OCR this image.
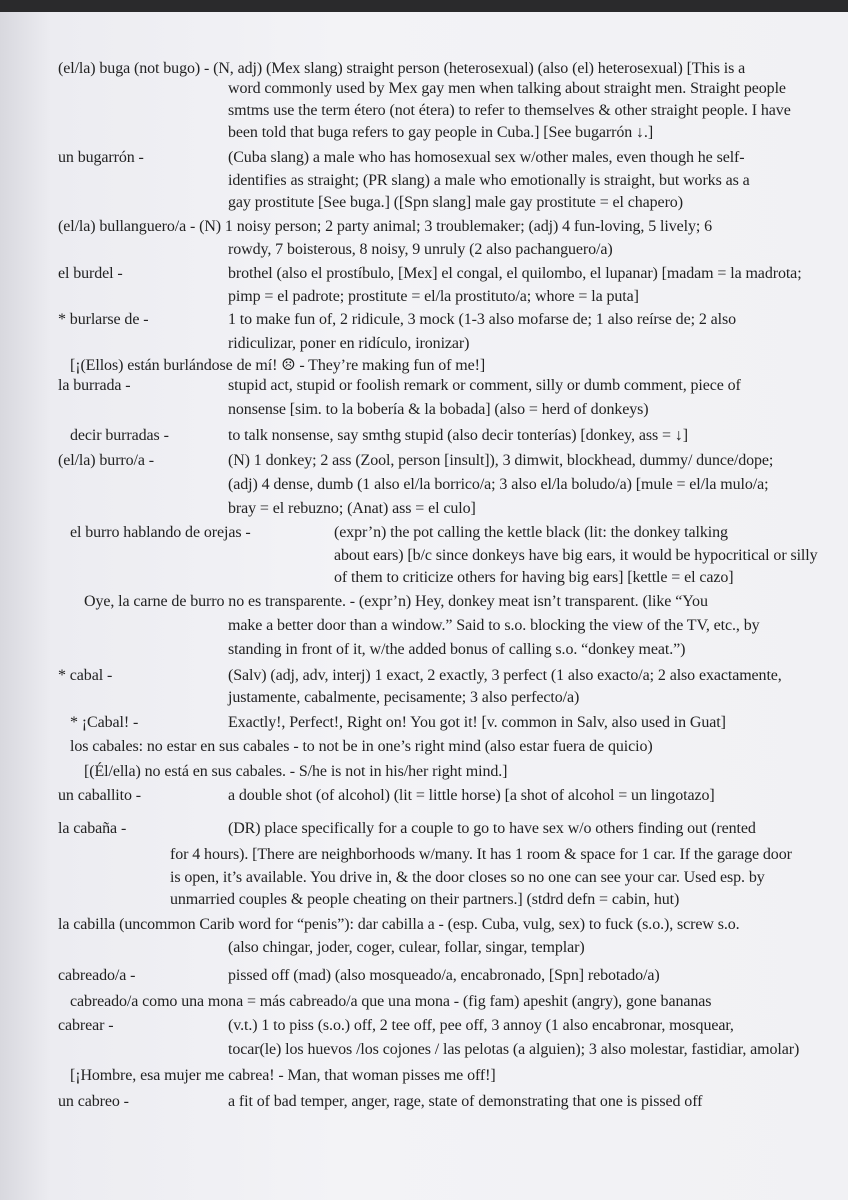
(el/la) buga (not bugo) - (N, adj) (Mex slang) straight person (heterosexual) (also (el) heterosexual) [This is a
word commonly used by Mex gay men when talking about straight men. Straight people
smtms use the term étero (not étera) to refer to themselves & other straight people. I have
been told that buga refers to gay people in Cuba.] [See bugarrón ↓.]
un bugarrón -	(Cuba slang) a male who has homosexual sex w/other males, even though he self-
identifies as straight; (PR slang) a male who emotionally is straight, but works as a
gay prostitute [See buga.] ([Spn slang] male gay prostitute = el chapero)
(el/la) bullanguero/a - (N) 1 noisy person; 2 party animal; 3 troublemaker; (adj) 4 fun-loving, 5 lively; 6
rowdy, 7 boisterous, 8 noisy, 9 unruly (2 also pachanguero/a)
el burdel -	brothel (also el prostíbulo, [Mex] el congal, el quilombo, el lupanar) [madam = la madrota;
pimp = el padrote; prostitute = el/la prostituto/a; whore = la puta]
* burlarse de -	1 to make fun of, 2 ridicule, 3 mock (1-3 also mofarse de; 1 also reírse de; 2 also
ridiculizar, poner en ridículo, ironizar)
[¡(Ellos) están burlándose de mí! ☹ - They’re making fun of me!]
la burrada -	stupid act, stupid or foolish remark or comment, silly or dumb comment, piece of
nonsense [sim. to la bobería & la bobada] (also = herd of donkeys)
decir burradas -	to talk nonsense, say smthg stupid (also decir tonterías) [donkey, ass = ↓]
(el/la) burro/a -	(N) 1 donkey; 2 ass (Zool, person [insult]), 3 dimwit, blockhead, dummy/ dunce/dope;
(adj) 4 dense, dumb (1 also el/la borrico/a; 3 also el/la boludo/a) [mule = el/la mulo/a;
bray = el rebuzno; (Anat) ass = el culo]
el burro hablando de orejas -	(expr’n) the pot calling the kettle black (lit: the donkey talking
about ears) [b/c since donkeys have big ears, it would be hypocritical or silly
of them to criticize others for having big ears] [kettle = el cazo]
Oye, la carne de burro no es transparente. - (expr’n) Hey, donkey meat isn’t transparent. (like “You
make a better door than a window.” Said to s.o. blocking the view of the TV, etc., by
standing in front of it, w/the added bonus of calling s.o. “donkey meat.”)
* cabal -	(Salv) (adj, adv, interj) 1 exact, 2 exactly, 3 perfect (1 also exacto/a; 2 also exactamente,
justamente, cabalmente, pecisamente; 3 also perfecto/a)
* ¡Cabal! -	Exactly!, Perfect!, Right on! You got it! [v. common in Salv, also used in Guat]
los cabales: no estar en sus cabales - to not be in one’s right mind (also estar fuera de quicio)
[(Él/ella) no está en sus cabales. - S/he is not in his/her right mind.]
un caballito -	a double shot (of alcohol) (lit = little horse) [a shot of alcohol = un lingotazo]
la cabaña -	(DR) place specifically for a couple to go to have sex w/o others finding out (rented
for 4 hours). [There are neighborhoods w/many. It has 1 room & space for 1 car. If the garage door
is open, it’s available. You drive in, & the door closes so no one can see your car. Used esp. by
unmarried couples & people cheating on their partners.] (stdrd defn = cabin, hut)
la cabilla (uncommon Carib word for “penis”): dar cabilla a - (esp. Cuba, vulg, sex) to fuck (s.o.), screw s.o.
(also chingar, joder, coger, culear, follar, singar, templar)
cabreado/a -	pissed off (mad) (also mosqueado/a, encabronado, [Spn] rebotado/a)
cabreado/a como una mona = más cabreado/a que una mona - (fig fam) apeshit (angry), gone bananas
cabrear -	(v.t.) 1 to piss (s.o.) off, 2 tee off, pee off, 3 annoy (1 also encabronar, mosquear,
tocar(le) los huevos /los cojones / las pelotas (a alguien); 3 also molestar, fastidiar, amolar)
[¡Hombre, esa mujer me cabrea! - Man, that woman pisses me off!]
un cabreo -	a fit of bad temper, anger, rage, state of demonstrating that one is pissed off
